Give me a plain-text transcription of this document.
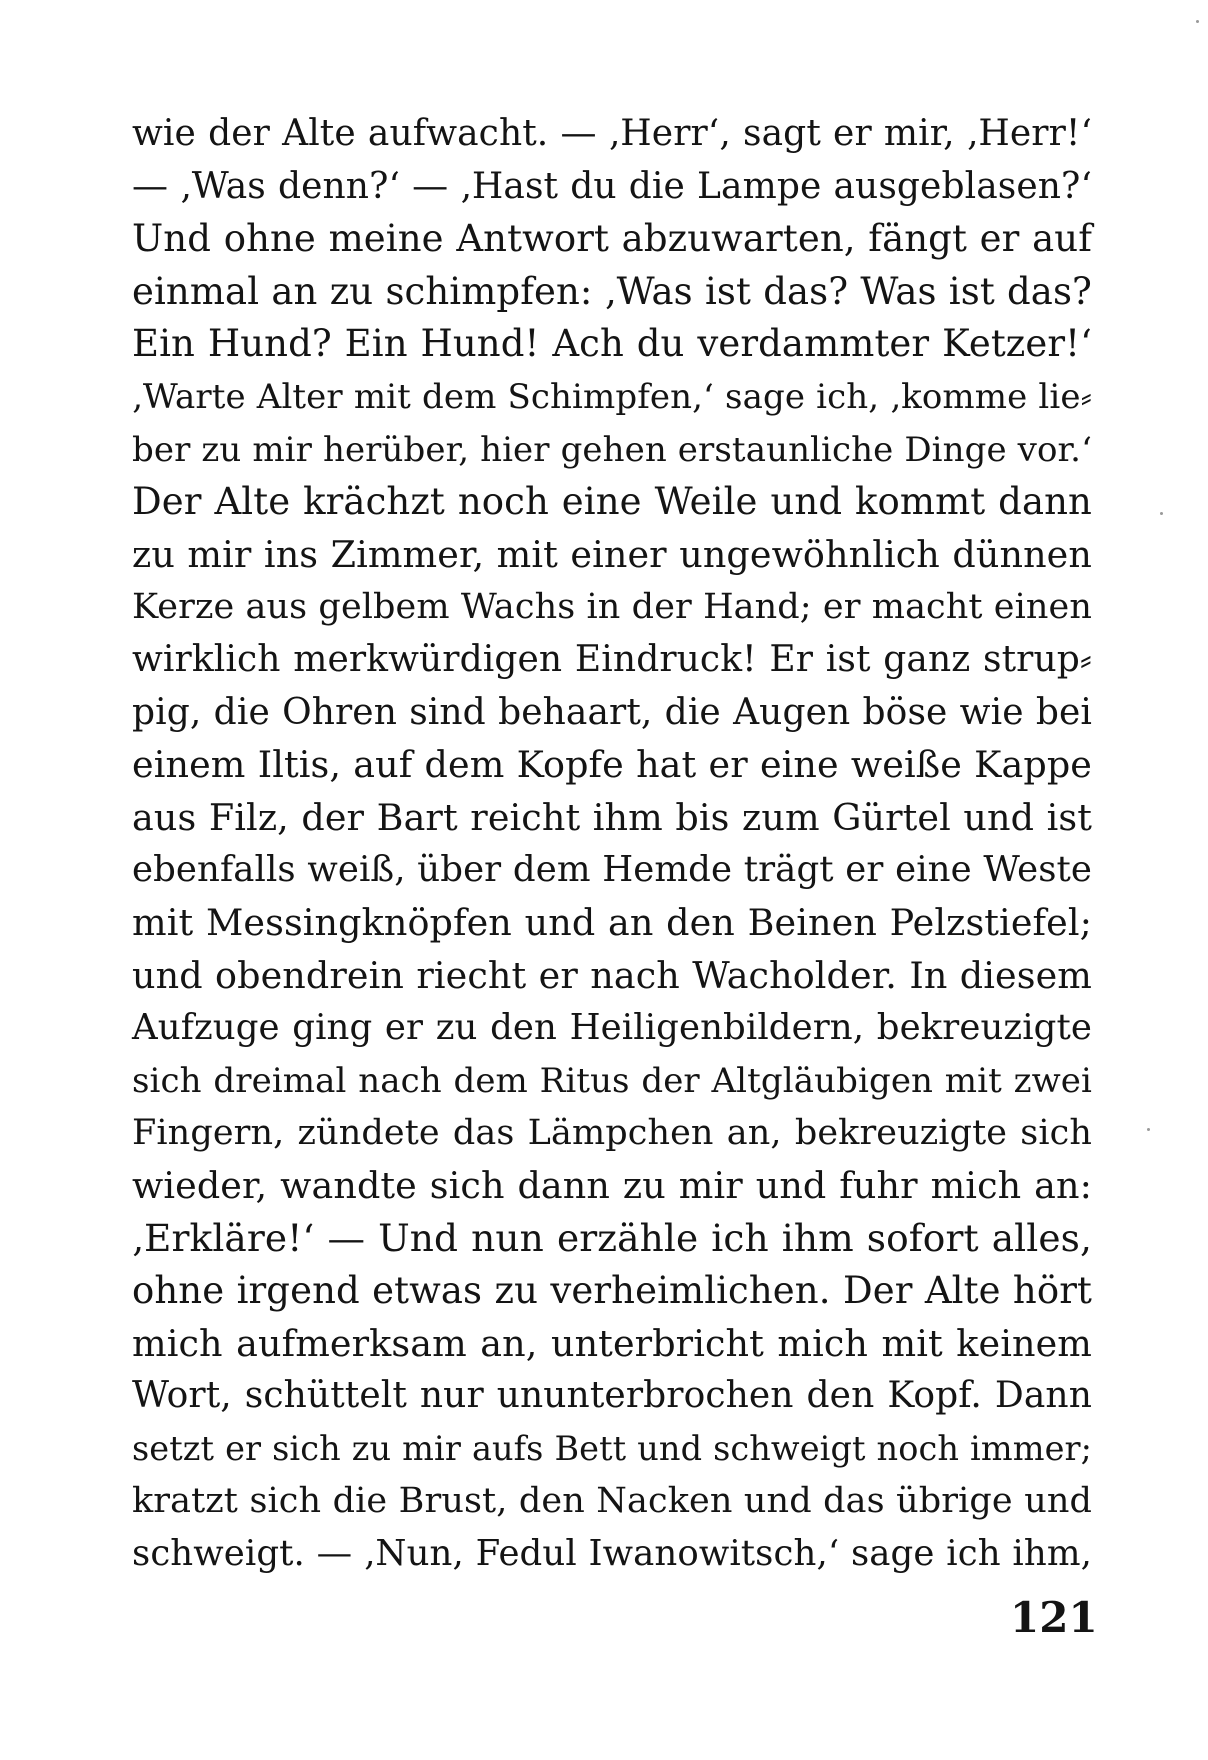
wie der Alte aufwacht. — ‚Herr‘, sagt er mir, ‚Herr!‘
— ‚Was denn?‘ — ‚Hast du die Lampe ausgeblasen?‘
Und ohne meine Antwort abzuwarten, fängt er auf
einmal an zu schimpfen: ‚Was ist das? Was ist das?
Ein Hund? Ein Hund! Ach du verdammter Ketzer!‘
‚Warte Alter mit dem Schimpfen,‘ sage ich, ‚komme lie⸗
ber zu mir herüber, hier gehen erstaunliche Dinge vor.‘
Der Alte krächzt noch eine Weile und kommt dann
zu mir ins Zimmer, mit einer ungewöhnlich dünnen
Kerze aus gelbem Wachs in der Hand; er macht einen
wirklich merkwürdigen Eindruck! Er ist ganz strup⸗
pig, die Ohren sind behaart, die Augen böse wie bei
einem Iltis, auf dem Kopfe hat er eine weiße Kappe
aus Filz, der Bart reicht ihm bis zum Gürtel und ist
ebenfalls weiß, über dem Hemde trägt er eine Weste
mit Messingknöpfen und an den Beinen Pelzstiefel;
und obendrein riecht er nach Wacholder. In diesem
Aufzuge ging er zu den Heiligenbildern, bekreuzigte
sich dreimal nach dem Ritus der Altgläubigen mit zwei
Fingern, zündete das Lämpchen an, bekreuzigte sich
wieder, wandte sich dann zu mir und fuhr mich an:
‚Erkläre!‘ — Und nun erzähle ich ihm sofort alles,
ohne irgend etwas zu verheimlichen. Der Alte hört
mich aufmerksam an, unterbricht mich mit keinem
Wort, schüttelt nur ununterbrochen den Kopf. Dann
setzt er sich zu mir aufs Bett und schweigt noch immer;
kratzt sich die Brust, den Nacken und das übrige und
schweigt. — ‚Nun, Fedul Iwanowitsch,‘ sage ich ihm,
121
